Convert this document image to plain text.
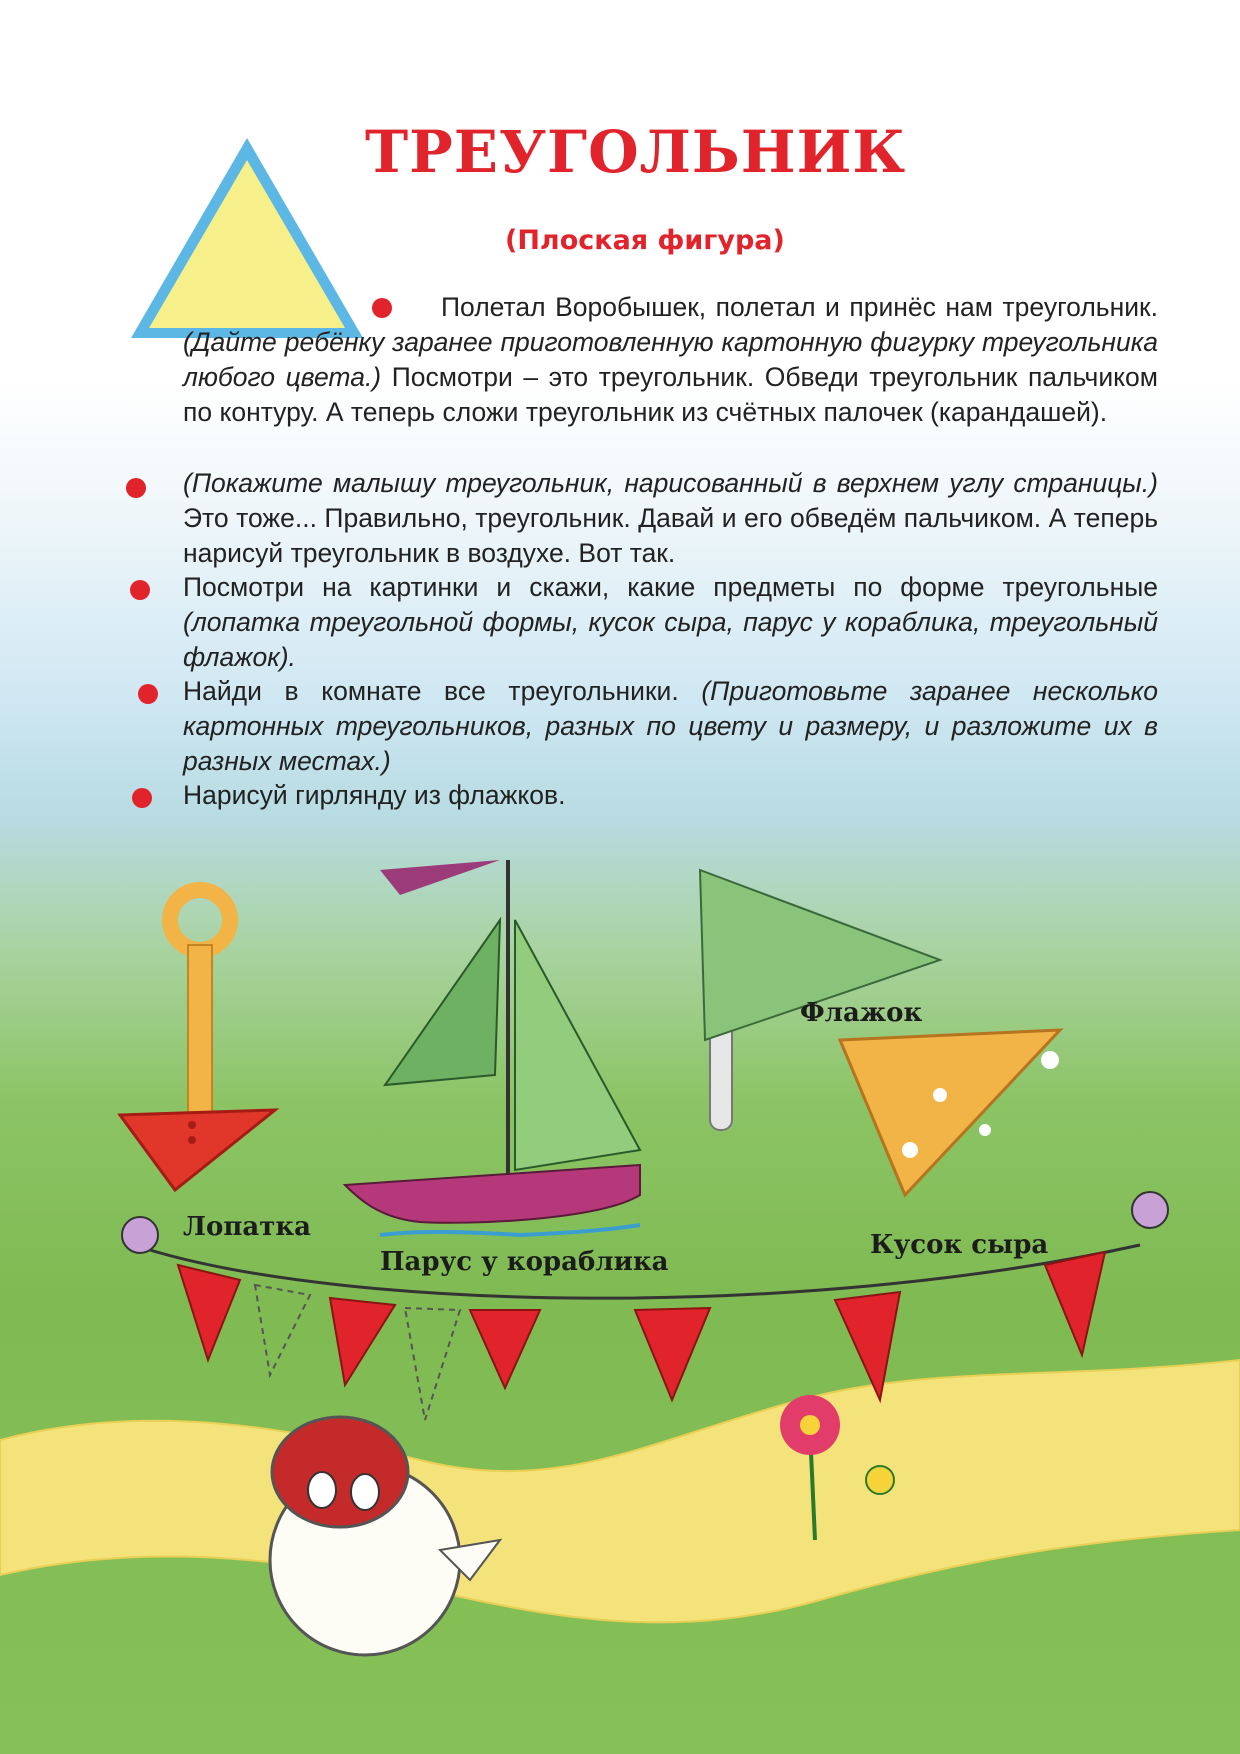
ТРЕУГОЛЬНИК
(Плоская фигура)
Полетал Воробышек, полетал и принёс нам треугольник. (Дайте ребёнку заранее приготовленную картонную фигурку треугольника любого цвета.) Посмотри – это треугольник. Обведи треугольник пальчиком по контуру. А теперь сложи треугольник из счётных палочек (карандашей).
(Покажите малышу треугольник, нарисованный в верхнем углу страницы.) Это тоже... Правильно, треугольник. Давай и его обведём пальчиком. А теперь нарисуй треугольник в воздухе. Вот так.
Посмотри на картинки и скажи, какие предметы по форме треугольные (лопатка треугольной формы, кусок сыра, парус у кораблика, треугольный флажок).
Найди в комнате все треугольники. (Приготовьте заранее несколько картонных треугольников, разных по цвету и размеру, и разложите их в разных местах.)
Нарисуй гирлянду из флажков.
Лопатка
Парус у кораблика
Флажок
Кусок сыра
